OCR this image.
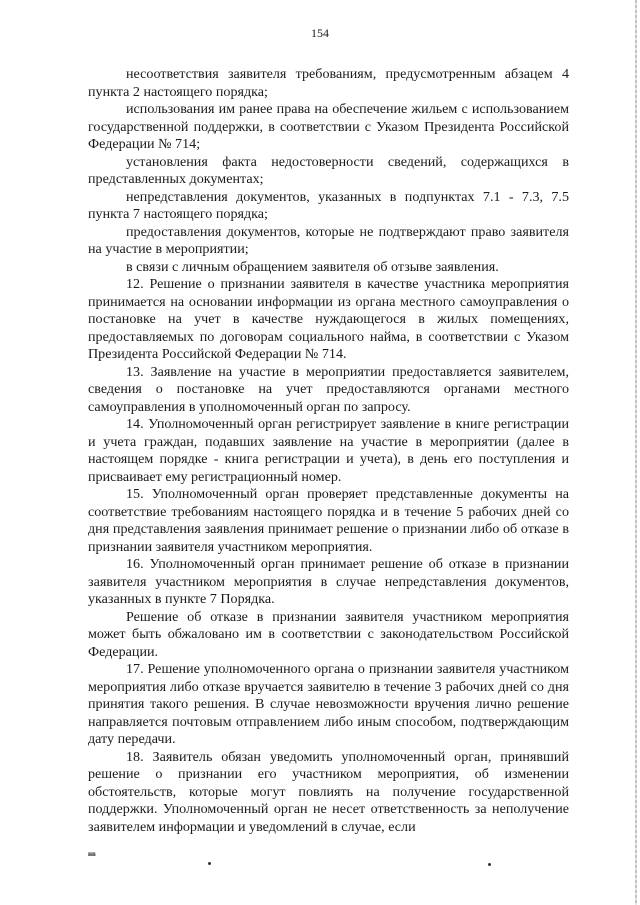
154

несоответствия заявителя требованиям, предусмотренным абзацем 4 пункта 2 настоящего порядка;

использования им ранее права на обеспечение жильем с использованием государственной поддержки, в соответствии с Указом Президента Российской Федерации № 714;

установления факта недостоверности сведений, содержащихся в представленных документах;

непредставления документов, указанных в подпунктах 7.1 - 7.3, 7.5 пункта 7 настоящего порядка;

предоставления документов, которые не подтверждают право заявителя на участие в мероприятии;

в связи с личным обращением заявителя об отзыве заявления.

12. Решение о признании заявителя в качестве участника мероприятия принимается на основании информации из органа местного самоуправления о постановке на учет в качестве нуждающегося в жилых помещениях, предоставляемых по договорам социального найма, в соответствии с Указом Президента Российской Федерации № 714.

13. Заявление на участие в мероприятии предоставляется заявителем, сведения о постановке на учет предоставляются органами местного самоуправления в уполномоченный орган по запросу.

14. Уполномоченный орган регистрирует заявление в книге регистрации и учета граждан, подавших заявление на участие в мероприятии (далее в настоящем порядке - книга регистрации и учета), в день его поступления и присваивает ему регистрационный номер.

15. Уполномоченный орган проверяет представленные документы на соответствие требованиям настоящего порядка и в течение 5 рабочих дней со дня представления заявления принимает решение о признании либо об отказе в признании заявителя участником мероприятия.

16. Уполномоченный орган принимает решение об отказе в признании заявителя участником мероприятия в случае непредставления документов, указанных в пункте 7 Порядка.

Решение об отказе в признании заявителя участником мероприятия может быть обжаловано им в соответствии с законодательством Российской Федерации.

17. Решение уполномоченного органа о признании заявителя участником мероприятия либо отказе вручается заявителю в течение 3 рабочих дней со дня принятия такого решения. В случае невозможности вручения лично решение направляется почтовым отправлением либо иным способом, подтверждающим дату передачи.

18. Заявитель обязан уведомить уполномоченный орган, принявший решение о признании его участником мероприятия, об изменении обстоятельств, которые могут повлиять на получение государственной поддержки. Уполномоченный орган не несет ответственность за неполучение заявителем информации и уведомлений в случае, если

нв
